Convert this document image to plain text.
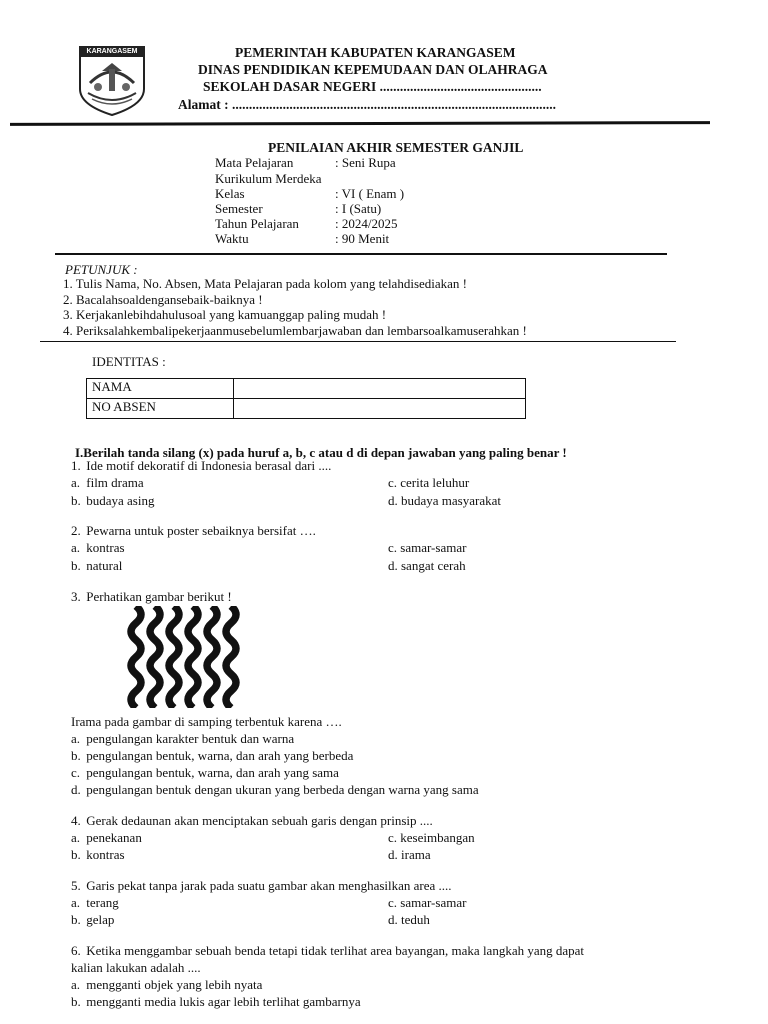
KARANGASEM	PEMERINTAH KABUPATEN KARANGASEM
DINAS PENDIDIKAN KEPEMUDAAN DAN OLAHRAGA
SEKOLAH DASAR NEGERI ................................................
Alamat : ................................................................................................
PENILAIAN AKHIR SEMESTER GANJIL
Mata Pelajaran	: Seni Rupa
Kurikulum Merdeka
Kelas	: VI ( Enam )
Semester	: I (Satu)
Tahun Pelajaran	: 2024/2025
Waktu	: 90 Menit
PETUNJUK :
1. Tulis Nama, No. Absen, Mata Pelajaran pada kolom yang telahdisediakan !
2. Bacalahsoaldengansebaik-baiknya !
3. Kerjakanlebihdahulusoal yang kamuanggap paling mudah !
4. Periksalahkembalipekerjaanmusebelumlembarjawaban dan lembarsoalkamuserahkan !
IDENTITAS :
NAMA	
NO ABSEN	
I.Berilah tanda silang (x) pada huruf a, b, c atau d di depan jawaban yang paling benar !
1. Ide motif dekoratif di Indonesia berasal dari ....
a. film drama
b. budaya asing
c. cerita leluhur
d. budaya masyarakat
2. Pewarna untuk poster sebaiknya bersifat ….
a. kontras
b. natural
c. samar-samar
d. sangat cerah
3. Perhatikan gambar berikut !
Irama pada gambar di samping terbentuk karena ….
a. pengulangan karakter bentuk dan warna
b. pengulangan bentuk, warna, dan arah yang berbeda
c. pengulangan bentuk, warna, dan arah yang sama
d. pengulangan bentuk dengan ukuran yang berbeda dengan warna yang sama
4. Gerak dedaunan akan menciptakan sebuah garis dengan prinsip ....
a. penekanan
b. kontras
c. keseimbangan
d. irama
5. Garis pekat tanpa jarak pada suatu gambar akan menghasilkan area ....
a. terang
b. gelap
c. samar-samar
d. teduh
6. Ketika menggambar sebuah benda tetapi tidak terlihat area bayangan, maka langkah yang dapat
kalian lakukan adalah ....
a. mengganti objek yang lebih nyata
b. mengganti media lukis agar lebih terlihat gambarnya
